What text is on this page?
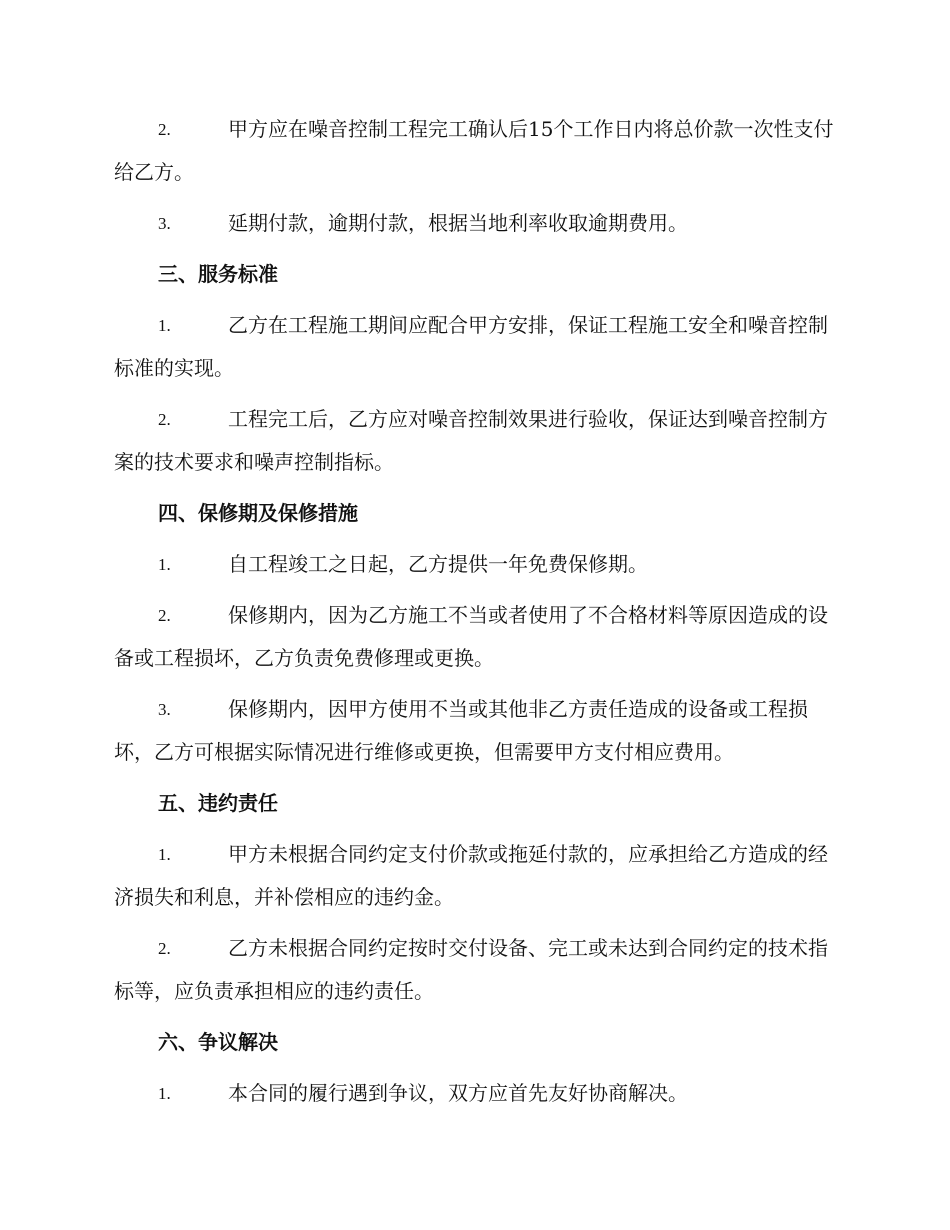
2.	甲方应在噪音控制工程完工确认后15个工作日内将总价款一次性支付给乙方。
3.	延期付款，逾期付款，根据当地利率收取逾期费用。
三、服务标准
1.	乙方在工程施工期间应配合甲方安排，保证工程施工安全和噪音控制标准的实现。
2.	工程完工后，乙方应对噪音控制效果进行验收，保证达到噪音控制方案的技术要求和噪声控制指标。
四、保修期及保修措施
1.	自工程竣工之日起，乙方提供一年免费保修期。
2.	保修期内，因为乙方施工不当或者使用了不合格材料等原因造成的设备或工程损坏，乙方负责免费修理或更换。
3.	保修期内，因甲方使用不当或其他非乙方责任造成的设备或工程损坏，乙方可根据实际情况进行维修或更换，但需要甲方支付相应费用。
五、违约责任
1.	甲方未根据合同约定支付价款或拖延付款的，应承担给乙方造成的经济损失和利息，并补偿相应的违约金。
2.	乙方未根据合同约定按时交付设备、完工或未达到合同约定的技术指标等，应负责承担相应的违约责任。
六、争议解决
1.	本合同的履行遇到争议，双方应首先友好协商解决。
